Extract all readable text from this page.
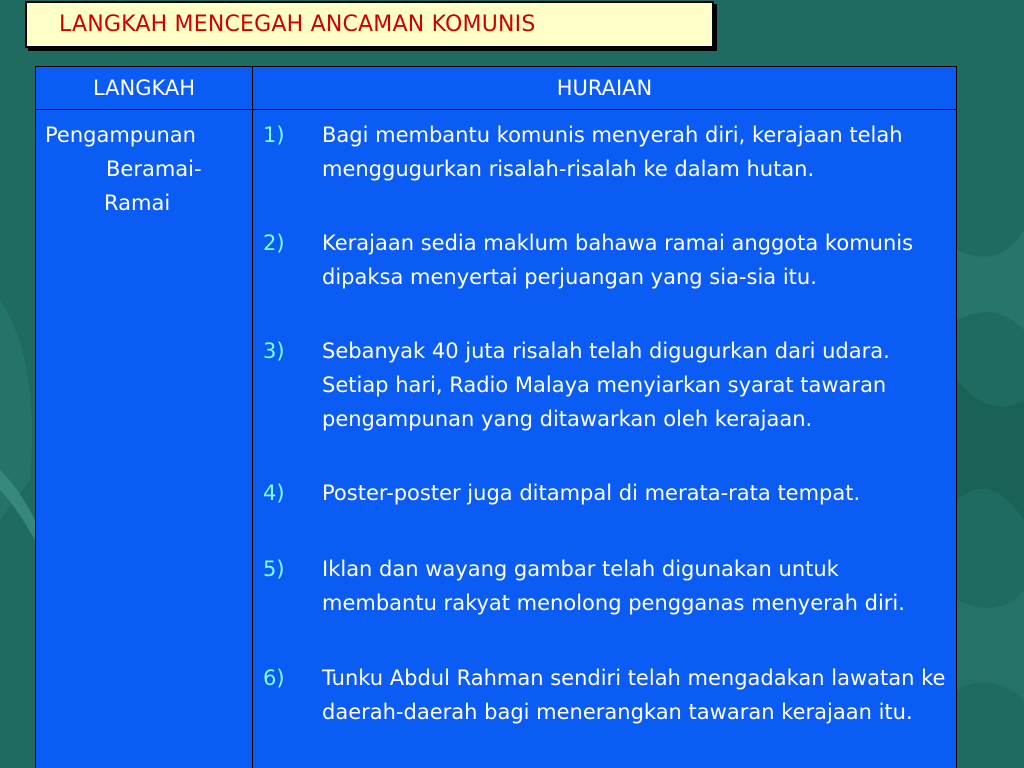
LANGKAH MENCEGAH ANCAMAN KOMUNIS
LANGKAH	HURAIAN
Pengampunan
Beramai-
Ramai
1) Bagi membantu komunis menyerah diri, kerajaan telah menggugurkan risalah-risalah ke dalam hutan.
2) Kerajaan sedia maklum bahawa ramai anggota komunis dipaksa menyertai perjuangan yang sia-sia itu.
3) Sebanyak 40 juta risalah telah digugurkan dari udara. Setiap hari, Radio Malaya menyiarkan syarat tawaran pengampunan yang ditawarkan oleh kerajaan.
4) Poster-poster juga ditampal di merata-rata tempat.
5) Iklan dan wayang gambar telah digunakan untuk membantu rakyat menolong pengganas menyerah diri.
6) Tunku Abdul Rahman sendiri telah mengadakan lawatan ke daerah-daerah bagi menerangkan tawaran kerajaan itu.
